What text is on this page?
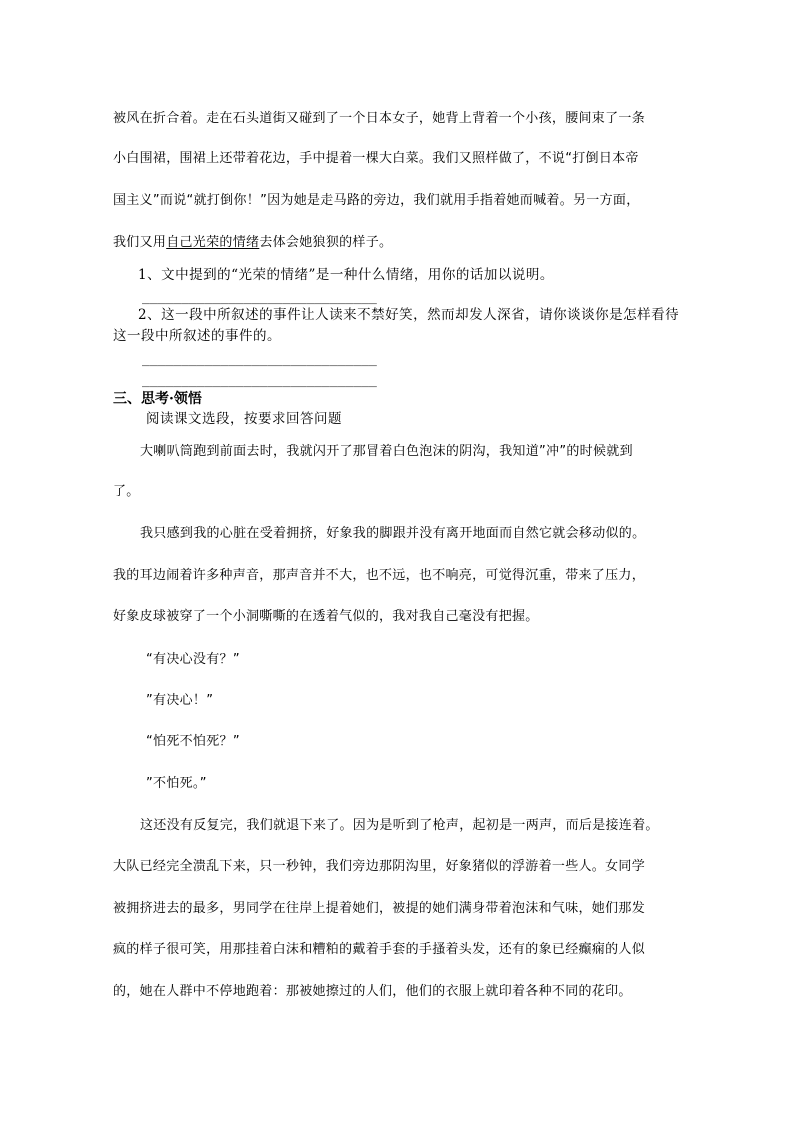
被风在折合着。走在石头道街又碰到了一个日本女子，她背上背着一个小孩，腰间束了一条
小白围裙，围裙上还带着花边，手中提着一棵大白菜。我们又照样做了，不说“打倒日本帝
国主义”而说“就打倒你！”因为她是走马路的旁边，我们就用手指着她而喊着。另一方面，
我们又用自己光荣的情绪去体会她狼狈的样子。
1、文中提到的“光荣的情绪”是一种什么情绪，用你的话加以说明。
______________________________
2、这一段中所叙述的事件让人读来不禁好笑，然而却发人深省，请你谈谈你是怎样看待
这一段中所叙述的事件的。
______________________________
______________________________
三、思考·领悟
阅读课文选段，按要求回答问题
大喇叭筒跑到前面去时，我就闪开了那冒着白色泡沫的阴沟，我知道”冲”的时候就到
了。
我只感到我的心脏在受着拥挤，好象我的脚跟并没有离开地面而自然它就会移动似的。
我的耳边闹着许多种声音，那声音并不大，也不远，也不响亮，可觉得沉重，带来了压力，
好象皮球被穿了一个小洞嘶嘶的在透着气似的，我对我自己毫没有把握。
“有决心没有？”
”有决心！”
“怕死不怕死？”
”不怕死。”
这还没有反复完，我们就退下来了。因为是听到了枪声，起初是一两声，而后是接连着。
大队已经完全溃乱下来，只一秒钟，我们旁边那阴沟里，好象猪似的浮游着一些人。女同学
被拥挤进去的最多，男同学在往岸上提着她们，被提的她们满身带着泡沫和气味，她们那发
疯的样子很可笑，用那挂着白沫和糟粕的戴着手套的手搔着头发，还有的象已经癫痫的人似
的，她在人群中不停地跑着：那被她擦过的人们，他们的衣服上就印着各种不同的花印。
